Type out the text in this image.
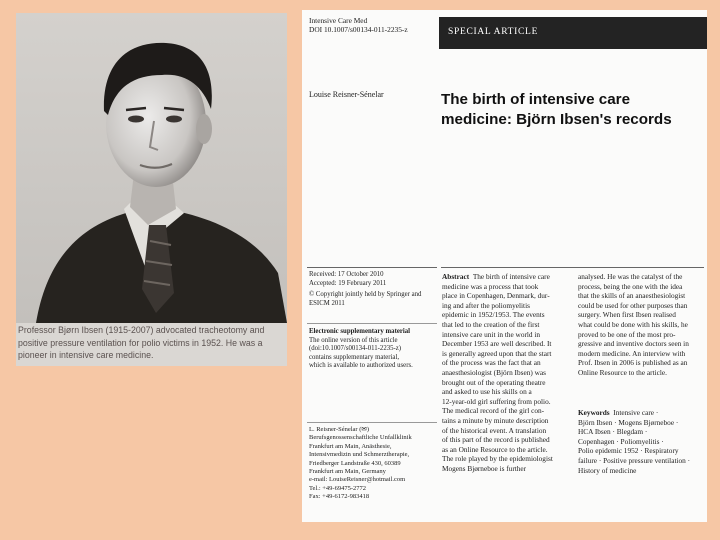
Professor Bjørn Ibsen (1915-2007) advocated tracheotomy and positive pressure ventilation for polio victims in 1952. He was a pioneer in intensive care medicine.

Intensive Care Med
DOI 10.1007/s00134-011-2235-z	SPECIAL ARTICLE

Louise Reisner-Sénelar	The birth of intensive care medicine: Björn Ibsen's records

Received: 17 October 2010
Accepted: 19 February 2011
© Copyright jointly held by Springer and
ESICM 2011

Electronic supplementary material
The online version of this article
(doi:10.1007/s00134-011-2235-z)
contains supplementary material,
which is available to authorized users.

L. Reisner-Sénelar (✉)
Berufsgenossenschaftliche Unfallklinik
Frankfurt am Main, Anästhesie,
Intensivmedizin und Schmerztherapie,
Friedberger Landstraße 430, 60389
Frankfurt am Main, Germany
e-mail: LouiseReisner@hotmail.com
Tel.: +49-69475-2772
Fax: +49-6172-983418

Abstract The birth of intensive care
medicine was a process that took
place in Copenhagen, Denmark, dur-
ing and after the poliomyelitis
epidemic in 1952/1953. The events
that led to the creation of the first
intensive care unit in the world in
December 1953 are well described. It
is generally agreed upon that the start
of the process was the fact that an
anaesthesiologist (Björn Ibsen) was
brought out of the operating theatre
and asked to use his skills on a
12-year-old girl suffering from polio.
The medical record of the girl con-
tains a minute by minute description
of the historical event. A translation
of this part of the record is published
as an Online Resource to the article.
The role played by the epidemiologist
Mogens Bjørneboe is further

analysed. He was the catalyst of the
process, being the one with the idea
that the skills of an anaesthesiologist
could be used for other purposes than
surgery. When first Ibsen realised
what could be done with his skills, he
proved to be one of the most pro-
gressive and inventive doctors seen in
modern medicine. An interview with
Prof. Ibsen in 2006 is published as an
Online Resource to the article.

Keywords Intensive care ·
Björn Ibsen · Mogens Bjørneboe ·
HCA Ibsen · Blegdam ·
Copenhagen · Poliomyelitis ·
Polio epidemic 1952 · Respiratory
failure · Positive pressure ventilation ·
History of medicine
